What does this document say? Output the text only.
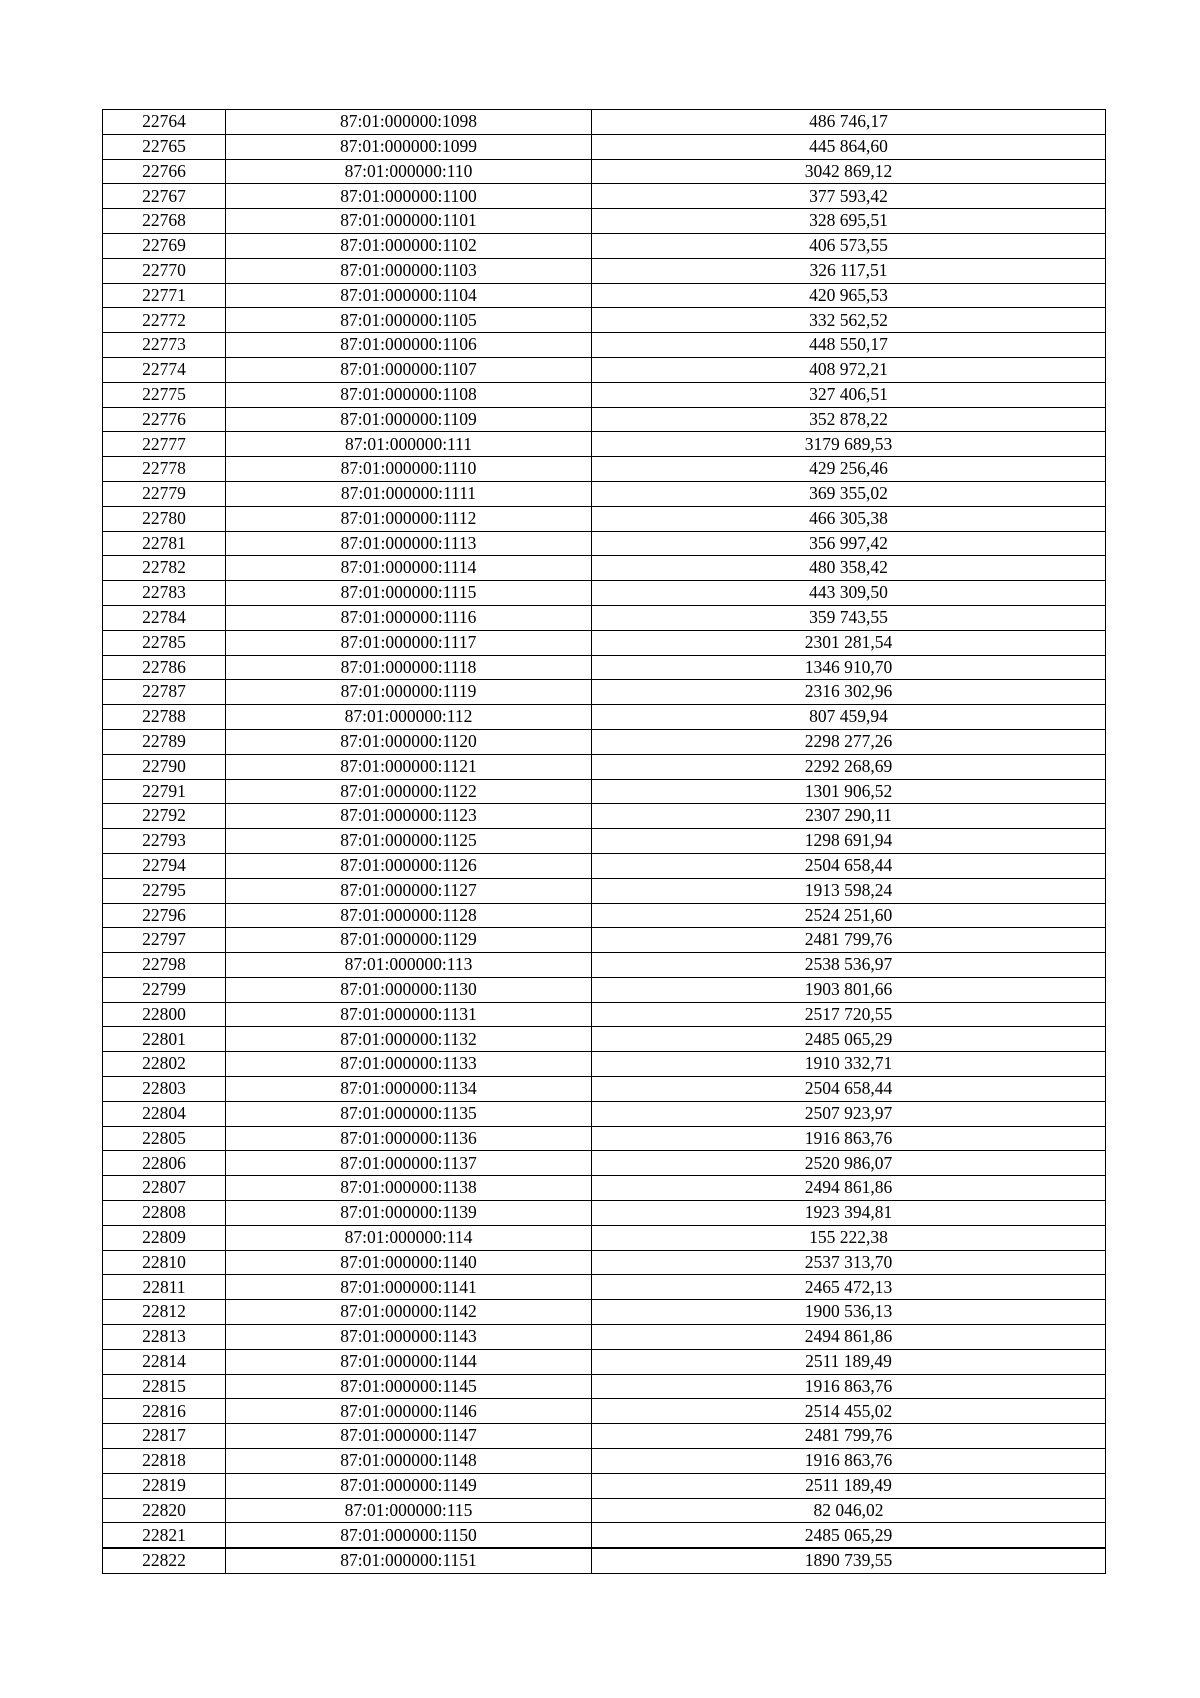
22764	87:01:000000:1098	486 746,17
22765	87:01:000000:1099	445 864,60
22766	87:01:000000:110	3042 869,12
22767	87:01:000000:1100	377 593,42
22768	87:01:000000:1101	328 695,51
22769	87:01:000000:1102	406 573,55
22770	87:01:000000:1103	326 117,51
22771	87:01:000000:1104	420 965,53
22772	87:01:000000:1105	332 562,52
22773	87:01:000000:1106	448 550,17
22774	87:01:000000:1107	408 972,21
22775	87:01:000000:1108	327 406,51
22776	87:01:000000:1109	352 878,22
22777	87:01:000000:111	3179 689,53
22778	87:01:000000:1110	429 256,46
22779	87:01:000000:1111	369 355,02
22780	87:01:000000:1112	466 305,38
22781	87:01:000000:1113	356 997,42
22782	87:01:000000:1114	480 358,42
22783	87:01:000000:1115	443 309,50
22784	87:01:000000:1116	359 743,55
22785	87:01:000000:1117	2301 281,54
22786	87:01:000000:1118	1346 910,70
22787	87:01:000000:1119	2316 302,96
22788	87:01:000000:112	807 459,94
22789	87:01:000000:1120	2298 277,26
22790	87:01:000000:1121	2292 268,69
22791	87:01:000000:1122	1301 906,52
22792	87:01:000000:1123	2307 290,11
22793	87:01:000000:1125	1298 691,94
22794	87:01:000000:1126	2504 658,44
22795	87:01:000000:1127	1913 598,24
22796	87:01:000000:1128	2524 251,60
22797	87:01:000000:1129	2481 799,76
22798	87:01:000000:113	2538 536,97
22799	87:01:000000:1130	1903 801,66
22800	87:01:000000:1131	2517 720,55
22801	87:01:000000:1132	2485 065,29
22802	87:01:000000:1133	1910 332,71
22803	87:01:000000:1134	2504 658,44
22804	87:01:000000:1135	2507 923,97
22805	87:01:000000:1136	1916 863,76
22806	87:01:000000:1137	2520 986,07
22807	87:01:000000:1138	2494 861,86
22808	87:01:000000:1139	1923 394,81
22809	87:01:000000:114	155 222,38
22810	87:01:000000:1140	2537 313,70
22811	87:01:000000:1141	2465 472,13
22812	87:01:000000:1142	1900 536,13
22813	87:01:000000:1143	2494 861,86
22814	87:01:000000:1144	2511 189,49
22815	87:01:000000:1145	1916 863,76
22816	87:01:000000:1146	2514 455,02
22817	87:01:000000:1147	2481 799,76
22818	87:01:000000:1148	1916 863,76
22819	87:01:000000:1149	2511 189,49
22820	87:01:000000:115	82 046,02
22821	87:01:000000:1150	2485 065,29
22822	87:01:000000:1151	1890 739,55
